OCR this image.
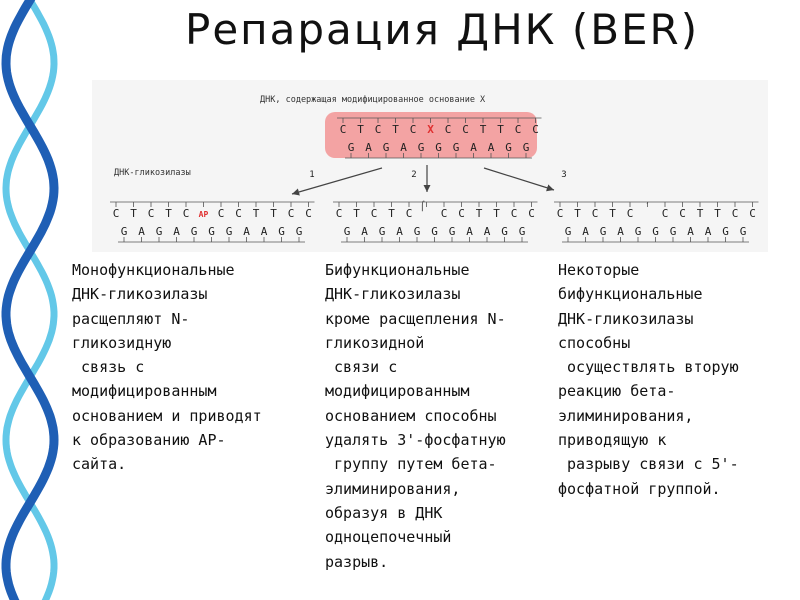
Репарация ДНК (BER)
ДНК, содержащая модифицированное основание X
ДНК-гликозилазы
C T C T C X C C T T C C
G A G A G G G A A G G
1	2	3
C T C T C AP C C T T C C
G A G A G G G A A G G
C T C T C ⌠ C C T T C C
G A G A G G G A A G G
C T C T C ′ C C T T C C
G A G A G G G A A G G
Монофункциональные
ДНК-гликозилазы
расщепляют N-
гликозидную
связь с
модифицированным
основанием и приводят
к образованию AP-
сайта.
Бифункциональные
ДНК-гликозилазы
кроме расщепления N-
гликозидной
связи с
модифицированным
основанием способны
удалять 3'-фосфатную
группу путем бета-
элиминирования,
образуя в ДНК
одноцепочечный
разрыв.
Некоторые
бифункциональные
ДНК-гликозилазы
способны
осуществлять вторую
реакцию бета-
элиминирования,
приводящую к
разрыву связи с 5'-
фосфатной группой.
